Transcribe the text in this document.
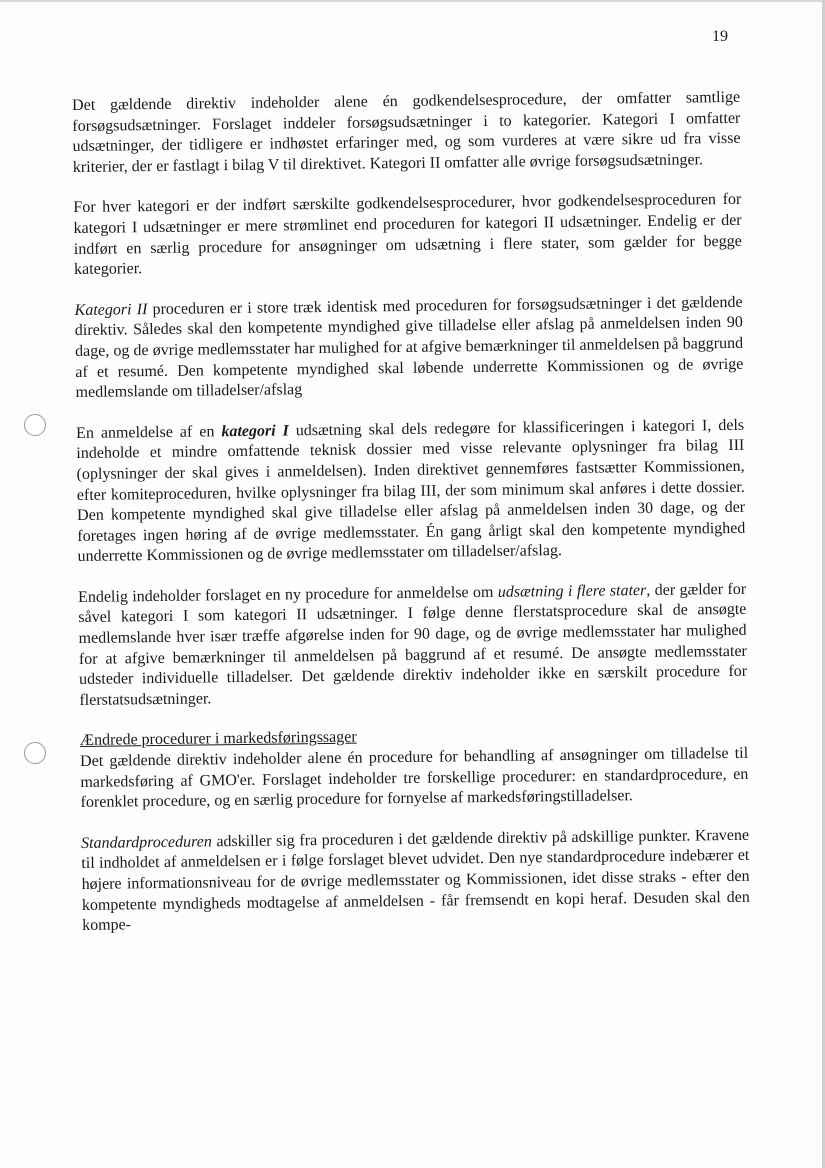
19

Det gældende direktiv indeholder alene én godkendelsesprocedure, der omfatter samtlige forsøgsudsætninger. Forslaget inddeler forsøgsudsætninger i to kategorier. Kategori I omfatter udsætninger, der tidligere er indhøstet erfaringer med, og som vurderes at være sikre ud fra visse kriterier, der er fastlagt i bilag V til direktivet. Kategori II omfatter alle øvrige forsøgsudsætninger.

For hver kategori er der indført særskilte godkendelsesprocedurer, hvor godkendelsesproceduren for kategori I udsætninger er mere strømlinet end proceduren for kategori II udsætninger. Endelig er der indført en særlig procedure for ansøgninger om udsætning i flere stater, som gælder for begge kategorier.

Kategori II proceduren er i store træk identisk med proceduren for forsøgsudsætninger i det gældende direktiv. Således skal den kompetente myndighed give tilladelse eller afslag på anmeldelsen inden 90 dage, og de øvrige medlemsstater har mulighed for at afgive bemærkninger til anmeldelsen på baggrund af et resumé. Den kompetente myndighed skal løbende underrette Kommissionen og de øvrige medlemslande om tilladelser/afslag

En anmeldelse af en kategori I udsætning skal dels redegøre for klassificeringen i kategori I, dels indeholde et mindre omfattende teknisk dossier med visse relevante oplysninger fra bilag III (oplysninger der skal gives i anmeldelsen). Inden direktivet gennemføres fastsætter Kommissionen, efter komiteproceduren, hvilke oplysninger fra bilag III, der som minimum skal anføres i dette dossier. Den kompetente myndighed skal give tilladelse eller afslag på anmeldelsen inden 30 dage, og der foretages ingen høring af de øvrige medlemsstater. Én gang årligt skal den kompetente myndighed underrette Kommissionen og de øvrige medlemsstater om tilladelser/afslag.

Endelig indeholder forslaget en ny procedure for anmeldelse om udsætning i flere stater, der gælder for såvel kategori I som kategori II udsætninger. I følge denne flerstatsprocedure skal de ansøgte medlemslande hver især træffe afgørelse inden for 90 dage, og de øvrige medlemsstater har mulighed for at afgive bemærkninger til anmeldelsen på baggrund af et resumé. De ansøgte medlemsstater udsteder individuelle tilladelser. Det gældende direktiv indeholder ikke en særskilt procedure for flerstatsudsætninger.

Ændrede procedurer i markedsføringssager
Det gældende direktiv indeholder alene én procedure for behandling af ansøgninger om tilladelse til markedsføring af GMO'er. Forslaget indeholder tre forskellige procedurer: en standardprocedure, en forenklet procedure, og en særlig procedure for fornyelse af markedsføringstilladelser.

Standardproceduren adskiller sig fra proceduren i det gældende direktiv på adskillige punkter. Kravene til indholdet af anmeldelsen er i følge forslaget blevet udvidet. Den nye standardprocedure indebærer et højere informationsniveau for de øvrige medlemsstater og Kommissionen, idet disse straks - efter den kompetente myndigheds modtagelse af anmeldelsen - får fremsendt en kopi heraf. Desuden skal den kompe-
